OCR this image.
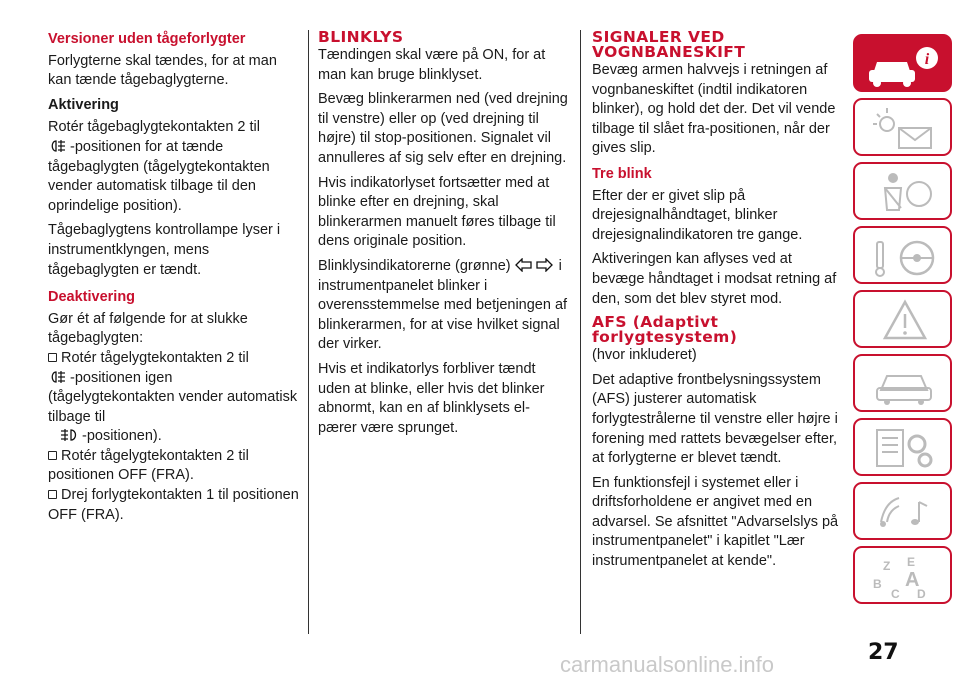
Versioner uden tågeforlygter

Forlygterne skal tændes, for at man kan tænde tågebaglygterne.

Aktivering

Rotér tågebaglygtekontakten 2 til
-positionen for at tænde tågebaglygten (tågelygtekontakten vender automatisk tilbage til den oprindelige position).

Tågebaglygtens kontrollampe lyser i instrumentklyngen, mens tågebaglygten er tændt.

Deaktivering

Gør ét af følgende for at slukke tågebaglygten:

Rotér tågelygtekontakten 2 til
-positionen igen (tågelygtekontakten vender automatisk tilbage til
-positionen).
Rotér tågelygtekontakten 2 til positionen OFF (FRA).
Drej forlygtekontakten 1 til positionen OFF (FRA).
BLINKLYS

Tændingen skal være på ON, for at man kan bruge blinklyset.

Bevæg blinkerarmen ned (ved drejning til venstre) eller op (ved drejning til højre) til stop-positionen. Signalet vil annulleres af sig selv efter en drejning.

Hvis indikatorlyset fortsætter med at blinke efter en drejning, skal blinkerarmen manuelt føres tilbage til dens originale position.

Blinklysindikatorerne (grønne)	i instrumentpanelet blinker i overensstemmelse med betjeningen af blinkerarmen, for at vise hvilket signal der virker.

Hvis et indikatorlys forbliver tændt uden at blinke, eller hvis det blinker abnormt, kan en af blinklysets el-pærer være sprunget.

SIGNALER VED
VOGNBANESKIFT

Bevæg armen halvvejs i retningen af vognbaneskiftet (indtil indikatoren blinker), og hold det der. Det vil vende tilbage til slået fra-positionen, når der gives slip.

Tre blink

Efter der er givet slip på drejesignalhåndtaget, blinker drejesignalindikatoren tre gange.

Aktiveringen kan aflyses ved at bevæge håndtaget i modsat retning af den, som det blev styret mod.

AFS (Adaptivt
forlygtesystem)

(hvor inkluderet)

Det adaptive frontbelysningssystem (AFS) justerer automatisk forlygtestrålerne til venstre eller højre i forening med rattets bevægelser efter, at forlygterne er blevet tændt.

En funktionsfejl i systemet eller i driftsforholdene er angivet med en advarsel. Se afsnittet "Advarselslys på instrumentpanelet" i kapitlet "Lær instrumentpanelet at kende".

i
Z E
B A
C D
27
carmanualsonline.info
